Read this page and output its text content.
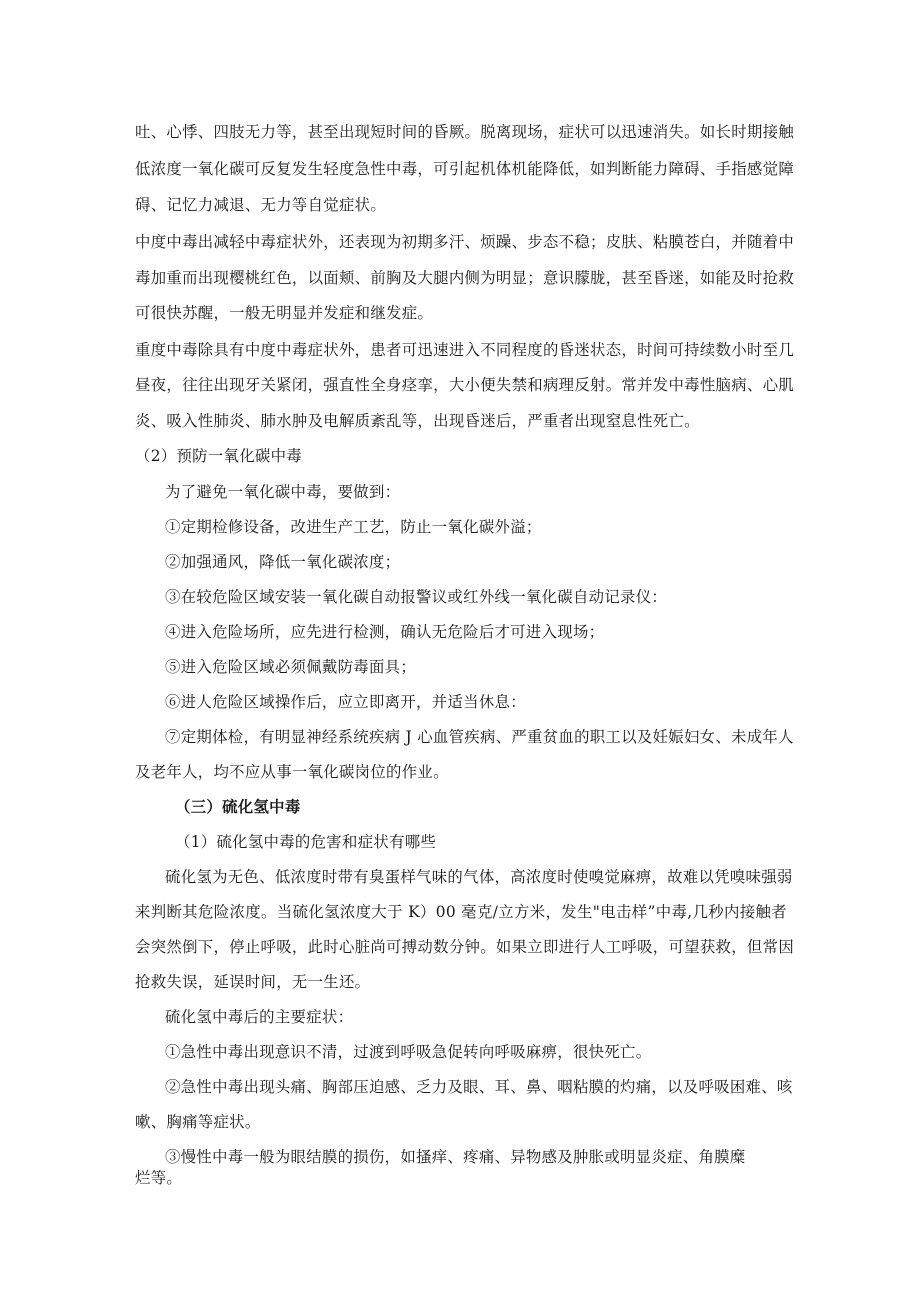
吐、心悸、四肢无力等，甚至出现短时间的昏厥。脱离现场，症状可以迅速消失。如长时期接触

低浓度一氧化碳可反复发生轻度急性中毒，可引起机体机能降低，如判断能力障碍、手指感觉障

碍、记忆力减退、无力等自觉症状。

中度中毒出减轻中毒症状外，还表现为初期多汗、烦躁、步态不稳；皮肤、粘膜苍白，并随着中

毒加重而出现樱桃红色，以面颊、前胸及大腿内侧为明显；意识朦胧，甚至昏迷，如能及时抢救

可很快苏醒，一般无明显并发症和继发症。

重度中毒除具有中度中毒症状外，患者可迅速进入不同程度的昏迷状态，时间可持续数小时至几

昼夜，往往出现牙关紧闭，强直性全身痉挛，大小便失禁和病理反射。常并发中毒性脑病、心肌

炎、吸入性肺炎、肺水肿及电解质紊乱等，出现昏迷后，严重者出现窒息性死亡。

（2）预防一氧化碳中毒

为了避免一氧化碳中毒，要做到：

①定期检修设备，改进生产工艺，防止一氧化碳外溢；

②加强通风，降低一氧化碳浓度；

③在较危险区域安装一氧化碳自动报警议或红外线一氧化碳自动记录仪：

④进入危险场所，应先进行检测，确认无危险后才可进入现场；

⑤进入危险区域必须佩戴防毒面具；

⑥进人危险区域操作后，应立即离开，并适当休息：

⑦定期体检，有明显神经系统疾病 J 心血管疾病、严重贫血的职工以及妊娠妇女、未成年人

及老年人，均不应从事一氧化碳岗位的作业。

（三）硫化氢中毒

（1）硫化氢中毒的危害和症状有哪些

硫化氢为无色、低浓度时带有臭蛋样气味的气体，高浓度时使嗅觉麻痹，故难以凭嗅味强弱

来判断其危险浓度。当硫化氢浓度大于 K）00 毫克/立方米，发生"电击样”中毒,几秒内接触者

会突然倒下，停止呼吸，此时心脏尚可搏动数分钟。如果立即进行人工呼吸，可望获救，但常因

抢救失误，延误时间，无一生还。

硫化氢中毒后的主要症状：

①急性中毒出现意识不清，过渡到呼吸急促转向呼吸麻痹，很快死亡。

②急性中毒出现头痛、胸部压迫感、乏力及眼、耳、鼻、咽粘膜的灼痛，以及呼吸困难、咳

嗽、胸痛等症状。

③慢性中毒一般为眼结膜的损伤，如搔痒、疼痛、异物感及肿胀或明显炎症、角膜糜

烂等。
